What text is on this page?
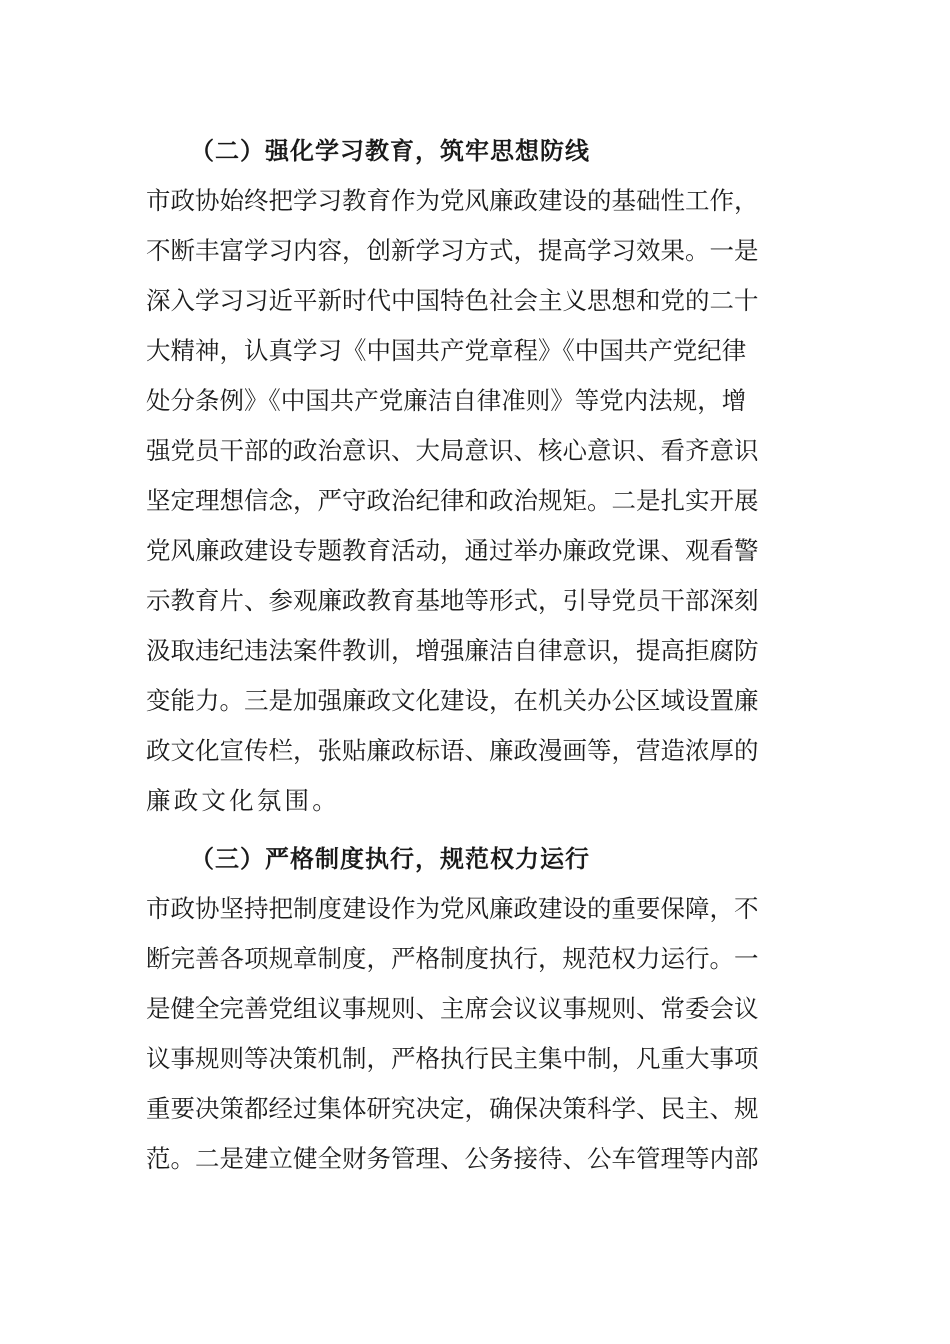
（二）强化学习教育，筑牢思想防线
市政协始终把学习教育作为党风廉政建设的基础性工作，
不断丰富学习内容，创新学习方式，提高学习效果。一是
深入学习习近平新时代中国特色社会主义思想和党的二十
大精神，认真学习《中国共产党章程》《中国共产党纪律
处分条例》《中国共产党廉洁自律准则》等党内法规，增
强党员干部的政治意识、大局意识、核心意识、看齐意识
坚定理想信念，严守政治纪律和政治规矩。二是扎实开展
党风廉政建设专题教育活动，通过举办廉政党课、观看警
示教育片、参观廉政教育基地等形式，引导党员干部深刻
汲取违纪违法案件教训，增强廉洁自律意识，提高拒腐防
变能力。三是加强廉政文化建设，在机关办公区域设置廉
政文化宣传栏，张贴廉政标语、廉政漫画等，营造浓厚的
廉政文化氛围。
（三）严格制度执行，规范权力运行
市政协坚持把制度建设作为党风廉政建设的重要保障，不
断完善各项规章制度，严格制度执行，规范权力运行。一
是健全完善党组议事规则、主席会议议事规则、常委会议
议事规则等决策机制，严格执行民主集中制，凡重大事项
重要决策都经过集体研究决定，确保决策科学、民主、规
范。二是建立健全财务管理、公务接待、公车管理等内部
